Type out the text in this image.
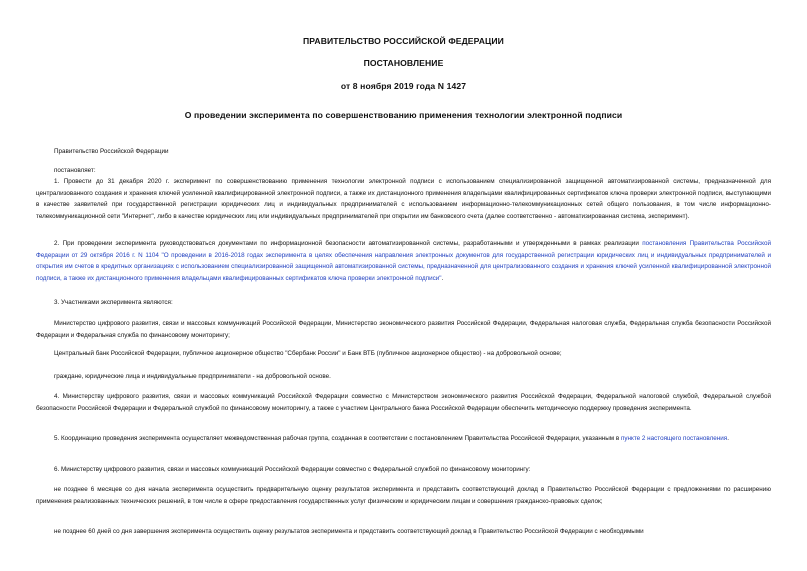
ПРАВИТЕЛЬСТВО РОССИЙСКОЙ ФЕДЕРАЦИИ
ПОСТАНОВЛЕНИЕ
от 8 ноября 2019 года N 1427
О проведении эксперимента по совершенствованию применения технологии электронной подписи
Правительство Российской Федерации
постановляет:
1. Провести до 31 декабря 2020 г. эксперимент по совершенствованию применения технологии электронной подписи с использованием специализированной защищенной автоматизированной системы, предназначенной для централизованного создания и хранения ключей усиленной квалифицированной электронной подписи, а также их дистанционного применения владельцами квалифицированных сертификатов ключа проверки электронной подписи, выступающими в качестве заявителей при государственной регистрации юридических лиц и индивидуальных предпринимателей с использованием информационно-телекоммуникационных сетей общего пользования, в том числе информационно-телекоммуникационной сети "Интернет", либо в качестве юридических лиц или индивидуальных предпринимателей при открытии им банковского счета (далее соответственно - автоматизированная система, эксперимент).
2. При проведении эксперимента руководствоваться документами по информационной безопасности автоматизированной системы, разработанными и утвержденными в рамках реализации постановления Правительства Российской Федерации от 29 октября 2016 г. N 1104 "О проведении в 2016-2018 годах эксперимента в целях обеспечения направления электронных документов для государственной регистрации юридических лиц и индивидуальных предпринимателей и открытия им счетов в кредитных организациях с использованием специализированной защищенной автоматизированной системы, предназначенной для централизованного создания и хранения ключей усиленной квалифицированной электронной подписи, а также их дистанционного применения владельцами квалифицированных сертификатов ключа проверки электронной подписи".
3. Участниками эксперимента являются:
Министерство цифрового развития, связи и массовых коммуникаций Российской Федерации, Министерство экономического развития Российской Федерации, Федеральная налоговая служба, Федеральная служба безопасности Российской Федерации и Федеральная служба по финансовому мониторингу;
Центральный банк Российской Федерации, публичное акционерное общество "Сбербанк России" и Банк ВТБ (публичное акционерное общество) - на добровольной основе;
граждане, юридические лица и индивидуальные предприниматели - на добровольной основе.
4. Министерству цифрового развития, связи и массовых коммуникаций Российской Федерации совместно с Министерством экономического развития Российской Федерации, Федеральной налоговой службой, Федеральной службой безопасности Российской Федерации и Федеральной службой по финансовому мониторингу, а также с участием Центрального банка Российской Федерации обеспечить методическую поддержку проведения эксперимента.
5. Координацию проведения эксперимента осуществляет межведомственная рабочая группа, созданная в соответствии с постановлением Правительства Российской Федерации, указанным в пункте 2 настоящего постановления.
6. Министерству цифрового развития, связи и массовых коммуникаций Российской Федерации совместно с Федеральной службой по финансовому мониторингу:
не позднее 6 месяцев со дня начала эксперимента осуществить предварительную оценку результатов эксперимента и представить соответствующий доклад в Правительство Российской Федерации с предложениями по расширению применения реализованных технических решений, в том числе в сфере предоставления государственных услуг физическим и юридическим лицам и совершения гражданско-правовых сделок;
не позднее 60 дней со дня завершения эксперимента осуществить оценку результатов эксперимента и представить соответствующий доклад в Правительство Российской Федерации с необходимыми
